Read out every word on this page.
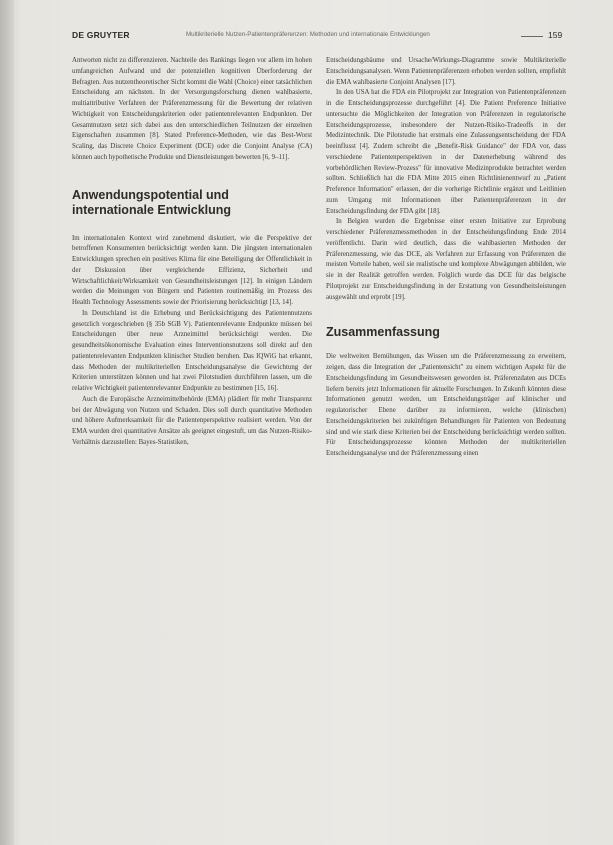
DE GRUYTER	Multikriterielle Nutzen-Patientenpräferenzen: Methoden und internationale Entwicklungen	159

Antworten nicht zu differenzieren. Nachteile des Rankings liegen vor allem im hohen umfangreichen Aufwand und der potenziellen kognitiven Überforderung der Befragten. Aus nutzentheoretischer Sicht kommt die Wahl (Choice) einer tatsächlichen Entscheidung am nächsten. In der Versorgungsforschung dienen wahlbasierte, multiattributive Verfahren der Präferenzmessung für die Bewertung der relativen Wichtigkeit von Entscheidungskriterien oder patientenrelevanten Endpunkten. Der Gesamtnutzen setzt sich dabei aus den unterschiedlichen Teilnutzen der einzelnen Eigenschaften zusammen [8]. Stated Preference-Methoden, wie das Best-Worst Scaling, das Discrete Choice Experiment (DCE) oder die Conjoint Analyse (CA) können auch hypothetische Produkte und Dienstleistungen bewerten [6, 9–11].

Anwendungspotential und internationale Entwicklung

Im internationalen Kontext wird zunehmend diskutiert, wie die Perspektive der betroffenen Konsumenten berücksichtigt werden kann. Die jüngsten internationalen Entwicklungen sprechen ein positives Klima für eine Beteiligung der Öffentlichkeit in der Diskussion über vergleichende Effizienz, Sicherheit und Wirtschaftlichkeit/Wirksamkeit von Gesundheitsleistungen [12]. In einigen Ländern werden die Meinungen von Bürgern und Patienten routinemäßig im Prozess des Health Technology Assessments sowie der Priorisierung berücksichtigt [13, 14].

In Deutschland ist die Erhebung und Berücksichtigung des Patientennutzens gesetzlich vorgeschrieben (§ 35b SGB V). Patientenrelevante Endpunkte müssen bei Entscheidungen über neue Arzneimittel berücksichtigt werden. Die gesundheitsökonomische Evaluation eines Interventionsnutzens soll direkt auf den patientenrelevanten Endpunkten klinischer Studien beruhen. Das IQWiG hat erkannt, dass Methoden der multikriteriellen Entscheidungsanalyse die Gewichtung der Kriterien unterstützen können und hat zwei Pilotstudien durchführen lassen, um die relative Wichtigkeit patientenrelevanter Endpunkte zu bestimmen [15, 16].

Auch die Europäische Arzneimittelbehörde (EMA) plädiert für mehr Transparenz bei der Abwägung von Nutzen und Schaden. Dies soll durch quantitative Methoden und höhere Aufmerksamkeit für die Patientenperspektive realisiert werden. Von der EMA wurden drei quantitative Ansätze als geeignet eingestuft, um das Nutzen-Risiko-Verhältnis darzustellen: Bayes-Statistiken,

Entscheidungsbäume und Ursache/Wirkungs-Diagramme sowie Multikriterielle Entscheidungsanalysen. Wenn Patientenpräferenzen erhoben werden sollten, empfiehlt die EMA wahlbasierte Conjoint Analysen [17].

In den USA hat die FDA ein Pilotprojekt zur Integration von Patientenpräferenzen in die Entscheidungsprozesse durchgeführt [4]. Die Patient Preference Initiative untersuchte die Möglichkeiten der Integration von Präferenzen in regulatorische Entscheidungsprozesse, insbesondere der Nutzen-Risiko-Tradeoffs in der Medizintechnik. Die Pilotstudie hat erstmals eine Zulassungsentscheidung der FDA beeinflusst [4]. Zudem schreibt die „Benefit-Risk Guidance" der FDA vor, dass verschiedene Patientenperspektiven in der Datenerhebung während des vorbehördlichen Review-Prozess" für innovative Medizinprodukte betrachtet werden sollten. Schließlich hat die FDA Mitte 2015 einen Richtlinienentwurf zu „Patient Preference Information" erlassen, der die vorherige Richtlinie ergänzt und Leitlinien zum Umgang mit Informationen über Patientenpräferenzen in der Entscheidungsfindung der FDA gibt [18].

In Belgien wurden die Ergebnisse einer ersten Initiative zur Erprobung verschiedener Präferenzmessmethoden in der Entscheidungsfindung Ende 2014 veröffentlicht. Darin wird deutlich, dass die wahlbasierten Methoden der Präferenzmessung, wie das DCE, als Verfahren zur Erfassung von Präferenzen die meisten Vorteile haben, weil sie realistische und komplexe Abwägungen abbilden, wie sie in der Realität getroffen werden. Folglich wurde das DCE für das belgische Pilotprojekt zur Entscheidungsfindung in der Erstattung von Gesundheitsleistungen ausgewählt und erprobt [19].

Zusammenfassung

Die weltweiten Bemühungen, das Wissen um die Präferenzmessung zu erweitern, zeigen, dass die Integration der „Patientensicht" zu einem wichtigen Aspekt für die Entscheidungsfindung im Gesundheitswesen geworden ist. Präferenzdaten aus DCEs liefern bereits jetzt Informationen für aktuelle Forschungen. In Zukunft könnten diese Informationen genutzt werden, um Entscheidungsträger auf klinischer und regulatorischer Ebene darüber zu informieren, welche (klinischen) Entscheidungskriterien bei zukünftigen Behandlungen für Patienten von Bedeutung sind und wie stark diese Kriterien bei der Entscheidung berücksichtigt werden sollten. Für Entscheidungsprozesse könnten Methoden der multikriteriellen Entscheidungsanalyse und der Präferenzmessung einen
